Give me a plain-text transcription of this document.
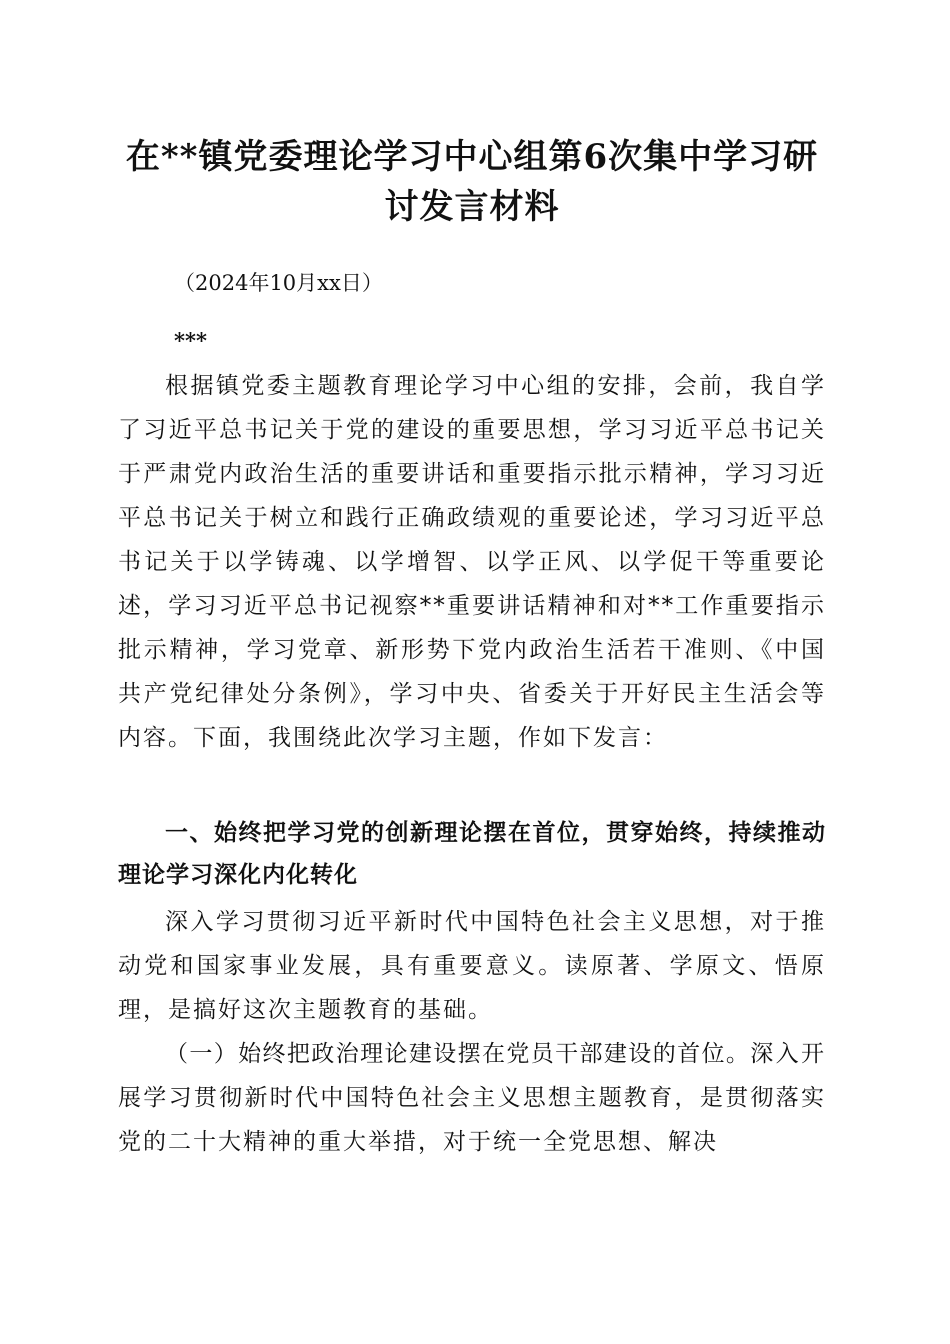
在**镇党委理论学习中心组第6次集中学习研讨发言材料
（2024年10月xx日）
***

根据镇党委主题教育理论学习中心组的安排，会前，我自学了习近平总书记关于党的建设的重要思想，学习习近平总书记关于严肃党内政治生活的重要讲话和重要指示批示精神，学习习近平总书记关于树立和践行正确政绩观的重要论述，学习习近平总书记关于以学铸魂、以学增智、以学正风、以学促干等重要论述，学习习近平总书记视察**重要讲话精神和对**工作重要指示批示精神，学习党章、新形势下党内政治生活若干准则、《中国共产党纪律处分条例》，学习中央、省委关于开好民主生活会等内容。下面，我围绕此次学习主题，作如下发言：

一、始终把学习党的创新理论摆在首位，贯穿始终，持续推动理论学习深化内化转化

深入学习贯彻习近平新时代中国特色社会主义思想，对于推动党和国家事业发展，具有重要意义。读原著、学原文、悟原理，是搞好这次主题教育的基础。

（一）始终把政治理论建设摆在党员干部建设的首位。深入开展学习贯彻新时代中国特色社会主义思想主题教育，是贯彻落实党的二十大精神的重大举措，对于统一全党思想、解决
